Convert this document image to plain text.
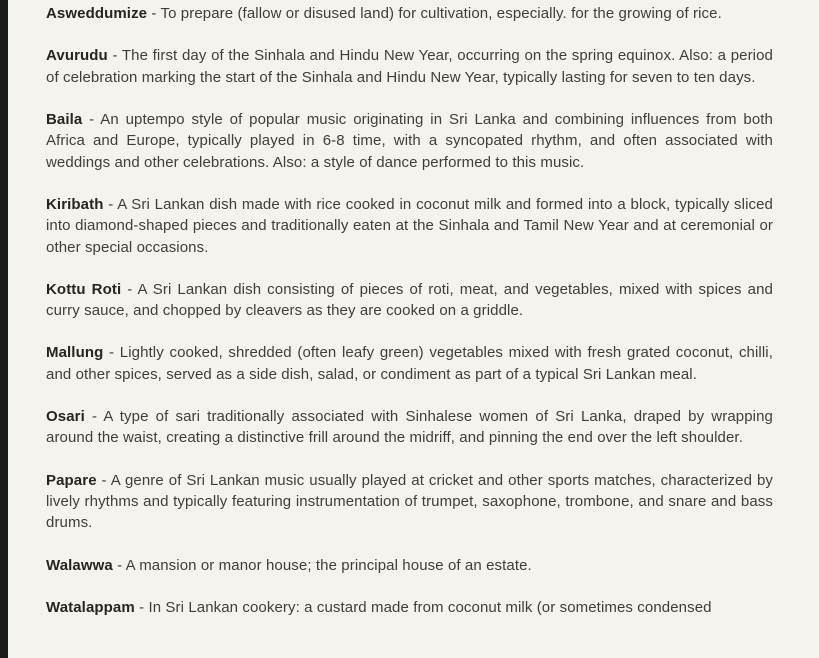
Asweddumize - To prepare (fallow or disused land) for cultivation, especially. for the growing of rice.

Avurudu - The first day of the Sinhala and Hindu New Year, occurring on the spring equinox. Also: a period of celebration marking the start of the Sinhala and Hindu New Year, typically lasting for seven to ten days.

Baila - An uptempo style of popular music originating in Sri Lanka and combining influences from both Africa and Europe, typically played in 6-8 time, with a syncopated rhythm, and often associated with weddings and other celebrations. Also: a style of dance performed to this music.

Kiribath - A Sri Lankan dish made with rice cooked in coconut milk and formed into a block, typically sliced into diamond-shaped pieces and traditionally eaten at the Sinhala and Tamil New Year and at ceremonial or other special occasions.

Kottu Roti - A Sri Lankan dish consisting of pieces of roti, meat, and vegetables, mixed with spices and curry sauce, and chopped by cleavers as they are cooked on a griddle.

Mallung - Lightly cooked, shredded (often leafy green) vegetables mixed with fresh grated coconut, chilli, and other spices, served as a side dish, salad, or condiment as part of a typical Sri Lankan meal.

Osari - A type of sari traditionally associated with Sinhalese women of Sri Lanka, draped by wrapping around the waist, creating a distinctive frill around the midriff, and pinning the end over the left shoulder.

Papare - A genre of Sri Lankan music usually played at cricket and other sports matches, characterized by lively rhythms and typically featuring instrumentation of trumpet, saxophone, trombone, and snare and bass drums.

Walawwa - A mansion or manor house; the principal house of an estate.

Watalappam - In Sri Lankan cookery: a custard made from coconut milk (or sometimes condensed
